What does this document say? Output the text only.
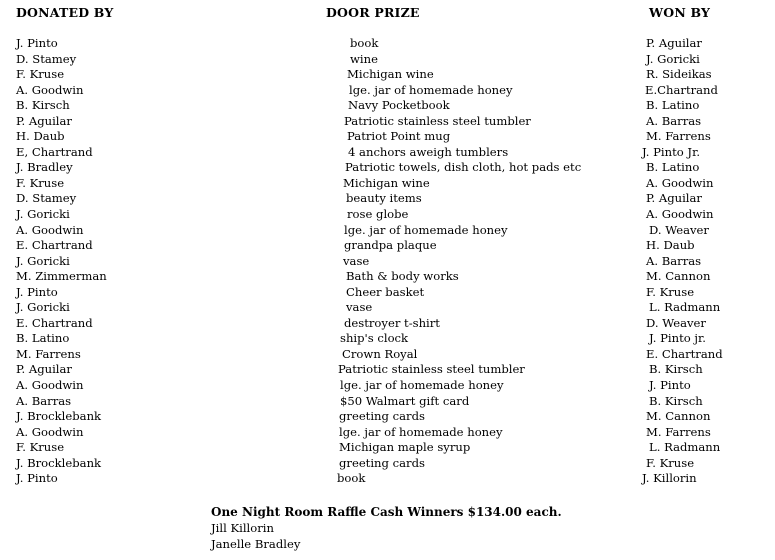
DONATED BY	DOOR PRIZE	WON BY
J. Pinto
D. Stamey
F. Kruse
A. Goodwin
B. Kirsch
P. Aguilar
H. Daub
E, Chartrand
J. Bradley
F. Kruse
D. Stamey
J. Goricki
A. Goodwin
E. Chartrand
J. Goricki
M. Zimmerman
J. Pinto
J. Goricki
E. Chartrand
B. Latino
M. Farrens
P. Aguilar
A. Goodwin
A. Barras
J. Brocklebank
A. Goodwin
F. Kruse
J. Brocklebank
J. Pinto
book
wine
Michigan wine
lge. jar of homemade honey
Navy Pocketbook
Patriotic stainless steel tumbler
Patriot Point mug
4 anchors aweigh tumblers
Patriotic towels, dish cloth, hot pads etc
Michigan wine
beauty items
rose globe
lge. jar of homemade honey
grandpa plaque
vase
Bath & body works
Cheer basket
vase
destroyer t-shirt
ship's clock
Crown Royal
Patriotic stainless steel tumbler
lge. jar of homemade honey
$50 Walmart gift card
greeting cards
lge. jar of homemade honey
Michigan maple syrup
greeting cards
book
P. Aguilar
J. Goricki
R. Sideikas
E.Chartrand
B. Latino
A. Barras
M. Farrens
J. Pinto Jr.
B. Latino
A. Goodwin
P. Aguilar
A. Goodwin
D. Weaver
H. Daub
A. Barras
M. Cannon
F. Kruse
L. Radmann
D. Weaver
J. Pinto jr.
E. Chartrand
B. Kirsch
J. Pinto
B. Kirsch
M. Cannon
M. Farrens
L. Radmann
F. Kruse
J. Killorin
One Night Room Raffle Cash Winners $134.00 each.
Jill Killorin
Janelle Bradley
